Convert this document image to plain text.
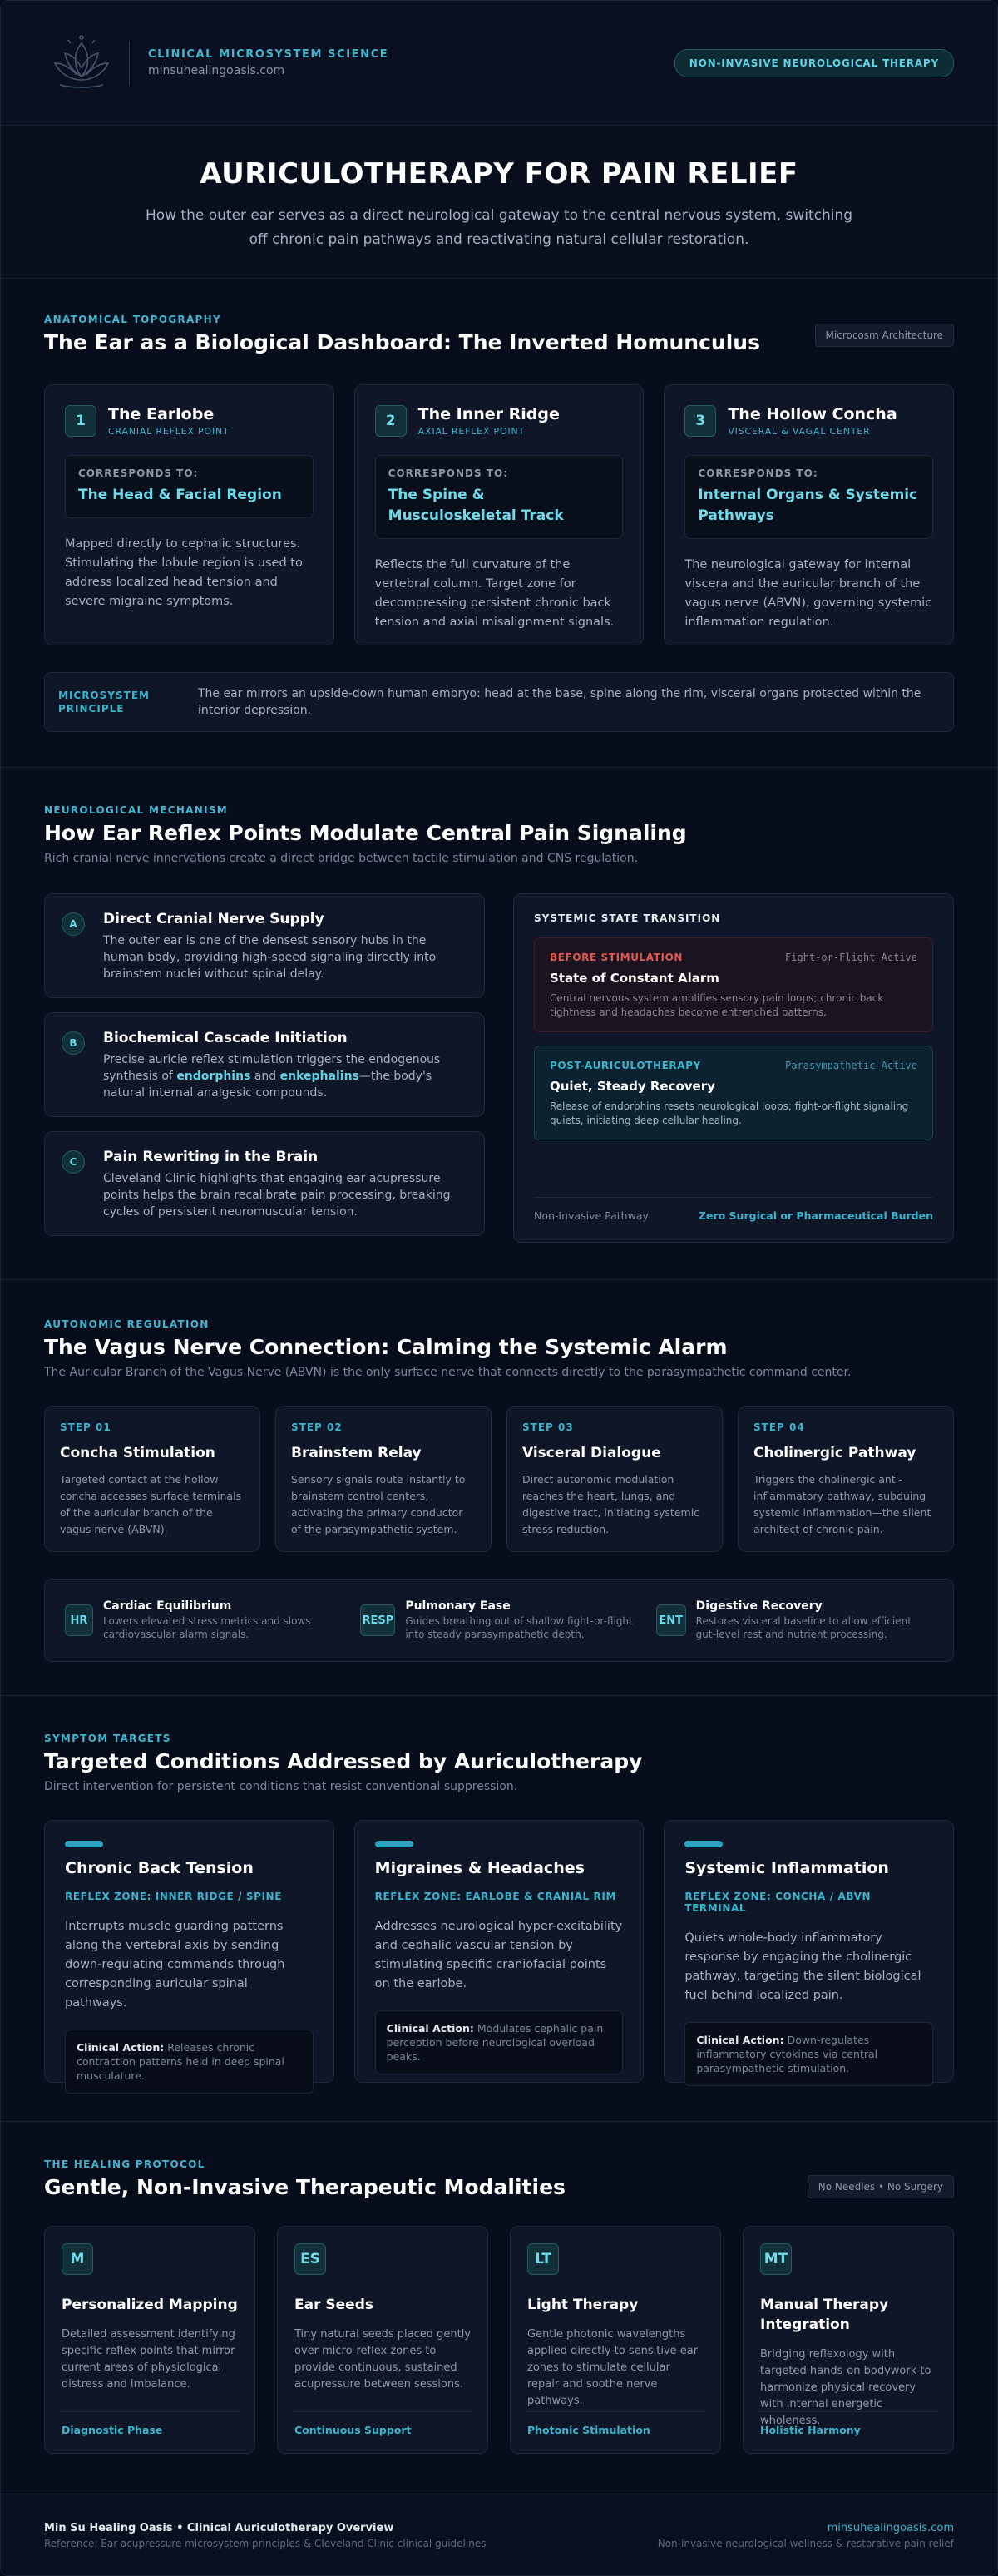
CLINICAL MICROSYSTEM SCIENCE
minsuhealingoasis.com
NON-INVASIVE NEUROLOGICAL THERAPY
AURICULOTHERAPY FOR PAIN RELIEF

How the outer ear serves as a direct neurological gateway to the central nervous system, switching off chronic pain pathways and reactivating natural cellular restoration.

Microcosm Architecture
ANATOMICAL TOPOGRAPHY
The Ear as a Biological Dashboard: The Inverted Homunculus
1	The Earlobe
CRANIAL REFLEX POINT
CORRESPONDS TO:
The Head & Facial Region
Mapped directly to cephalic structures. Stimulating the lobule region is used to address localized head tension and severe migraine symptoms.
2	The Inner Ridge
AXIAL REFLEX POINT
CORRESPONDS TO:
The Spine & Musculoskeletal Track
Reflects the full curvature of the vertebral column. Target zone for decompressing persistent chronic back tension and axial misalignment signals.
3	The Hollow Concha
VISCERAL & VAGAL CENTER
CORRESPONDS TO:
Internal Organs & Systemic Pathways
The neurological gateway for internal viscera and the auricular branch of the vagus nerve (ABVN), governing systemic inflammation regulation.
MICROSYSTEM PRINCIPLE
The ear mirrors an upside-down human embryo: head at the base, spine along the rim, visceral organs protected within the interior depression.
NEUROLOGICAL MECHANISM
How Ear Reflex Points Modulate Central Pain Signaling
Rich cranial nerve innervations create a direct bridge between tactile stimulation and CNS regulation.
A	Direct Cranial Nerve Supply
The outer ear is one of the densest sensory hubs in the human body, providing high-speed signaling directly into brainstem nuclei without spinal delay.
B	Biochemical Cascade Initiation
Precise auricle reflex stimulation triggers the endogenous synthesis of endorphins and enkephalins—the body's natural internal analgesic compounds.
C	Pain Rewriting in the Brain
Cleveland Clinic highlights that engaging ear acupressure points helps the brain recalibrate pain processing, breaking cycles of persistent neuromuscular tension.
SYSTEMIC STATE TRANSITION
BEFORE STIMULATION	Fight-or-Flight Active
State of Constant Alarm
Central nervous system amplifies sensory pain loops; chronic back tightness and headaches become entrenched patterns.
POST-AURICULOTHERAPY	Parasympathetic Active
Quiet, Steady Recovery
Release of endorphins resets neurological loops; fight-or-flight signaling quiets, initiating deep cellular healing.
Non-Invasive Pathway	Zero Surgical or Pharmaceutical Burden
AUTONOMIC REGULATION
The Vagus Nerve Connection: Calming the Systemic Alarm
The Auricular Branch of the Vagus Nerve (ABVN) is the only surface nerve that connects directly to the parasympathetic command center.
STEP 01
Concha Stimulation
Targeted contact at the hollow concha accesses surface terminals of the auricular branch of the vagus nerve (ABVN).
STEP 02
Brainstem Relay
Sensory signals route instantly to brainstem control centers, activating the primary conductor of the parasympathetic system.
STEP 03
Visceral Dialogue
Direct autonomic modulation reaches the heart, lungs, and digestive tract, initiating systemic stress reduction.
STEP 04
Cholinergic Pathway
Triggers the cholinergic anti-inflammatory pathway, subduing systemic inflammation—the silent architect of chronic pain.
HR
Cardiac Equilibrium
Lowers elevated stress metrics and slows cardiovascular alarm signals.
RESP
Pulmonary Ease
Guides breathing out of shallow fight-or-flight into steady parasympathetic depth.
ENT
Digestive Recovery
Restores visceral baseline to allow efficient gut-level rest and nutrient processing.
SYMPTOM TARGETS
Targeted Conditions Addressed by Auriculotherapy
Direct intervention for persistent conditions that resist conventional suppression.
Chronic Back Tension
REFLEX ZONE: INNER RIDGE / SPINE
Interrupts muscle guarding patterns along the vertebral axis by sending down-regulating commands through corresponding auricular spinal pathways.
Clinical Action: Releases chronic contraction patterns held in deep spinal musculature.
Migraines & Headaches
REFLEX ZONE: EARLOBE & CRANIAL RIM
Addresses neurological hyper-excitability and cephalic vascular tension by stimulating specific craniofacial points on the earlobe.
Clinical Action: Modulates cephalic pain perception before neurological overload peaks.
Systemic Inflammation
REFLEX ZONE: CONCHA / ABVN TERMINAL
Quiets whole-body inflammatory response by engaging the cholinergic pathway, targeting the silent biological fuel behind localized pain.
Clinical Action: Down-regulates inflammatory cytokines via central parasympathetic stimulation.
No Needles • No Surgery
THE HEALING PROTOCOL
Gentle, Non-Invasive Therapeutic Modalities
M
Personalized Mapping
Detailed assessment identifying specific reflex points that mirror current areas of physiological distress and imbalance.
Diagnostic Phase
ES
Ear Seeds
Tiny natural seeds placed gently over micro-reflex zones to provide continuous, sustained acupressure between sessions.
Continuous Support
LT
Light Therapy
Gentle photonic wavelengths applied directly to sensitive ear zones to stimulate cellular repair and soothe nerve pathways.
Photonic Stimulation
MT
Manual Therapy Integration
Bridging reflexology with targeted hands-on bodywork to harmonize physical recovery with internal energetic wholeness.
Holistic Harmony
Min Su Healing Oasis • Clinical Auriculotherapy Overview
Reference: Ear acupressure microsystem principles & Cleveland Clinic clinical guidelines
minsuhealingoasis.com
Non-invasive neurological wellness & restorative pain relief
